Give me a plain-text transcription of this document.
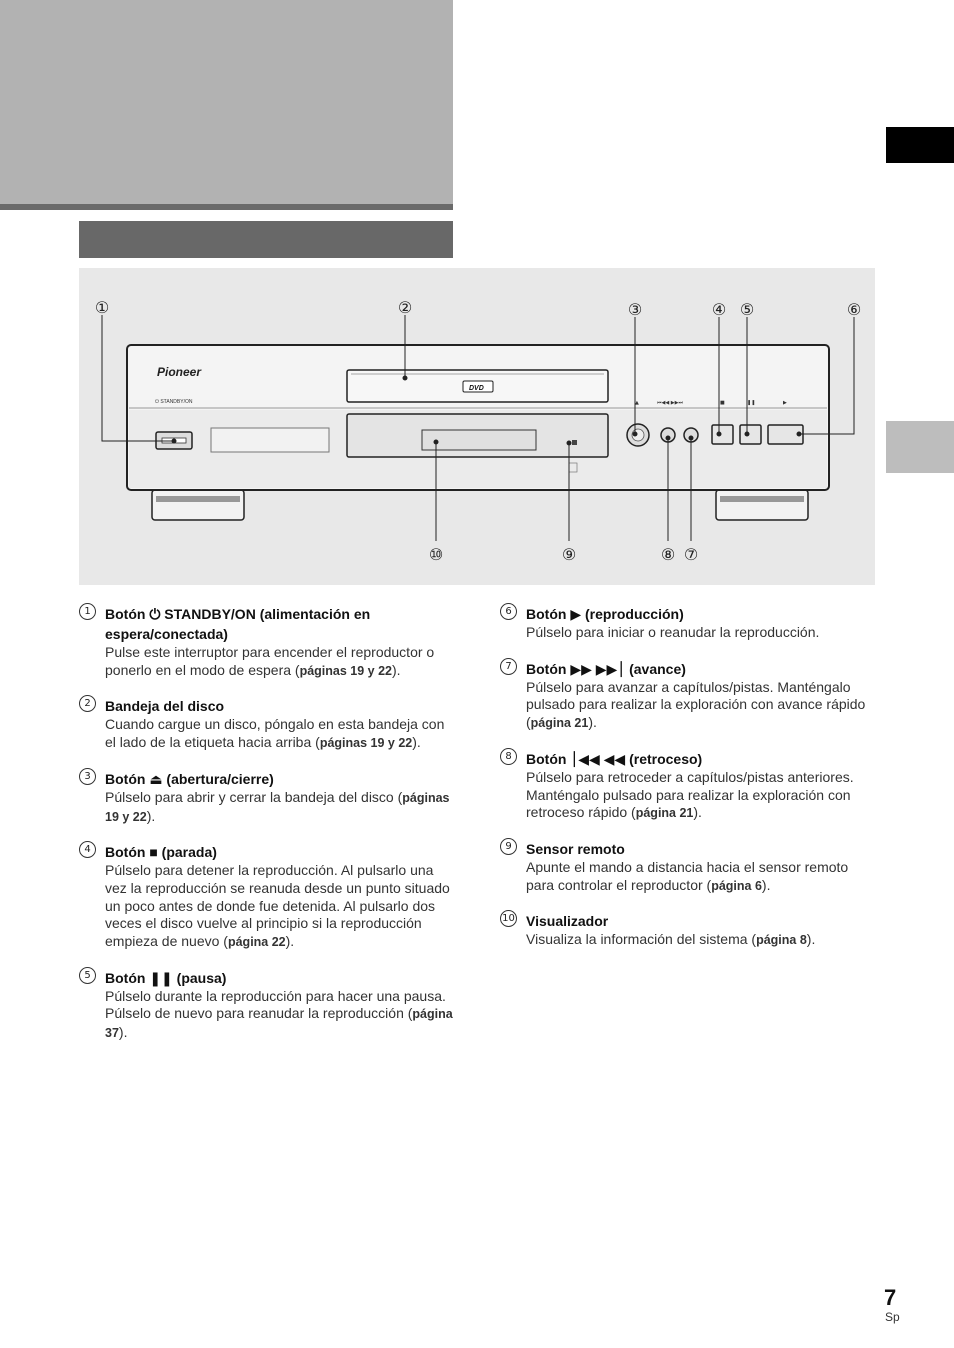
Pioneer
⏻ STANDBY/ON
DVD
▲	⏮◀◀ ▶▶⏭	■	❚❚	▶
①	②	③	④ ⑤	⑥
⑦
⑧
⑨
⑩
1	Botón ⏻ STANDBY/ON (alimentación en espera/conectada)
Pulse este interruptor para encender el reproductor o ponerlo en el modo de espera (páginas 19 y 22).
2	Bandeja del disco
Cuando cargue un disco, póngalo en esta bandeja con el lado de la etiqueta hacia arriba (páginas 19 y 22).
3	Botón ⏏ (abertura/cierre)
Púlselo para abrir y cerrar la bandeja del disco (páginas 19 y 22).
4	Botón ■ (parada)
Púlselo para detener la reproducción. Al pulsarlo una vez la reproducción se reanuda desde un punto situado un poco antes de donde fue detenida. Al pulsarlo dos veces el disco vuelve al principio si la reproducción empieza de nuevo (página 22).
5	Botón ❚❚ (pausa)
Púlselo durante la reproducción para hacer una pausa. Púlselo de nuevo para reanudar la reproducción (página 37).
6	Botón ▶ (reproducción)
Púlselo para iniciar o reanudar la reproducción.
7	Botón ▶▶ ▶▶⏐ (avance)
Púlselo para avanzar a capítulos/pistas. Manténgalo pulsado para realizar la exploración con avance rápido (página 21).
8	Botón ⏐◀◀ ◀◀ (retroceso)
Púlselo para retroceder a capítulos/pistas anteriores. Manténgalo pulsado para realizar la exploración con retroceso rápido (página 21).
9	Sensor remoto
Apunte el mando a distancia hacia el sensor remoto para controlar el reproductor (página 6).
10 Visualizador
Visualiza la información del sistema (página 8).
7
Sp
